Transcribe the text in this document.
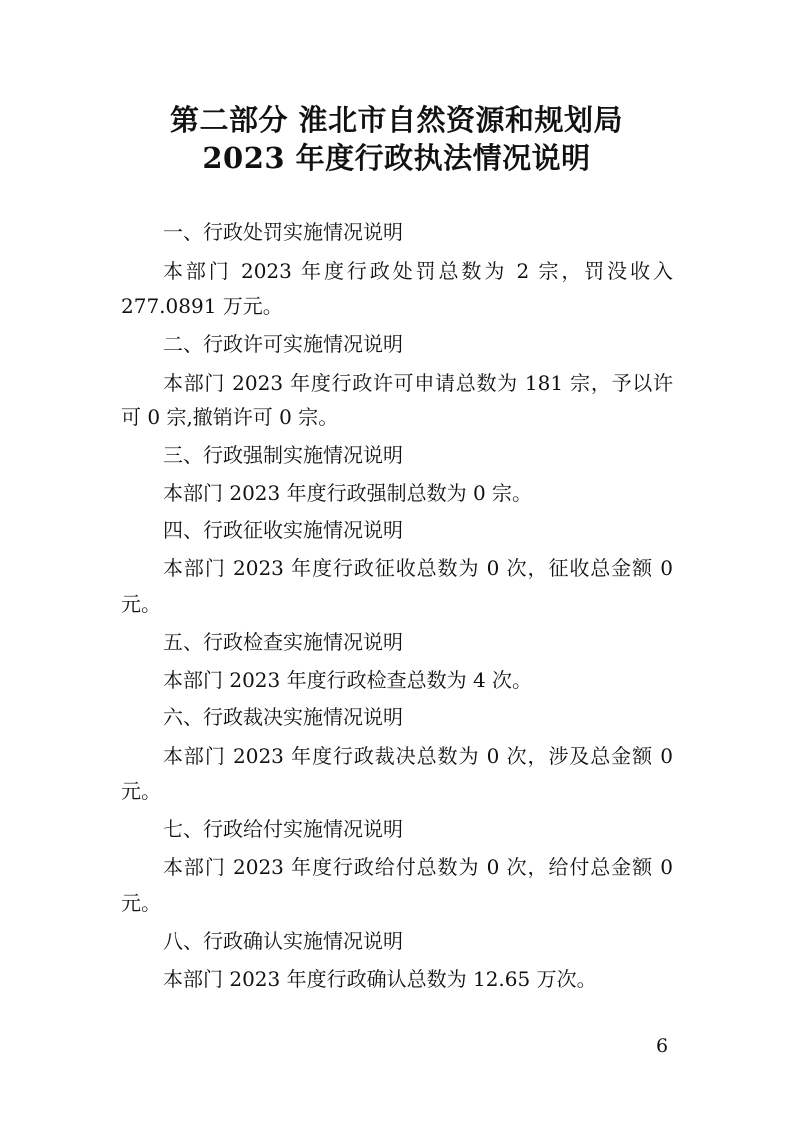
第二部分 淮北市自然资源和规划局
2023 年度行政执法情况说明
一、行政处罚实施情况说明
本部门 2023 年度行政处罚总数为 2 宗，罚没收入
277.0891 万元。
二、行政许可实施情况说明
本部门 2023 年度行政许可申请总数为 181 宗，予以许
可 0 宗,撤销许可 0 宗。
三、行政强制实施情况说明
本部门 2023 年度行政强制总数为 0 宗。
四、行政征收实施情况说明
本部门 2023 年度行政征收总数为 0 次，征收总金额 0
元。
五、行政检查实施情况说明
本部门 2023 年度行政检查总数为 4 次。
六、行政裁决实施情况说明
本部门 2023 年度行政裁决总数为 0 次，涉及总金额 0
元。
七、行政给付实施情况说明
本部门 2023 年度行政给付总数为 0 次，给付总金额 0
元。
八、行政确认实施情况说明
本部门 2023 年度行政确认总数为 12.65 万次。
6
